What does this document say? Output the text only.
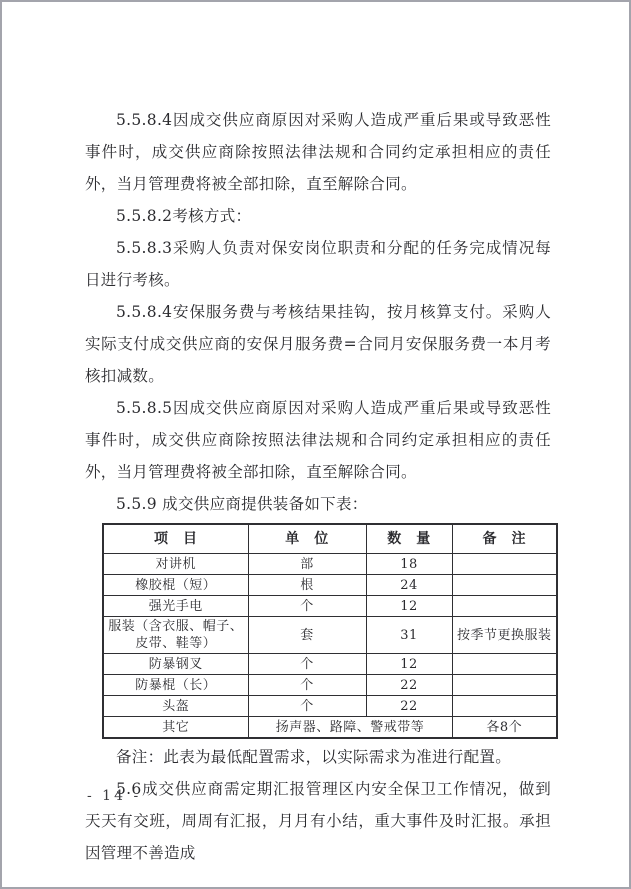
5.5.8.4因成交供应商原因对采购人造成严重后果或导致恶性事件时，成交供应商除按照法律法规和合同约定承担相应的责任外，当月管理费将被全部扣除，直至解除合同。

5.5.8.2考核方式：

5.5.8.3采购人负责对保安岗位职责和分配的任务完成情况每日进行考核。

5.5.8.4安保服务费与考核结果挂钩，按月核算支付。采购人实际支付成交供应商的安保月服务费=合同月安保服务费一本月考核扣减数。

5.5.8.5因成交供应商原因对采购人造成严重后果或导致恶性事件时，成交供应商除按照法律法规和合同约定承担相应的责任外，当月管理费将被全部扣除，直至解除合同。

5.5.9 成交供应商提供装备如下表：

项　目	单　位	数　量	备　注
对讲机	部	18	
橡胶棍（短）	根	24	
强光手电	个	12	
服装（含衣服、帽子、皮带、鞋等）	套	31	按季节更换服装
防暴钢叉	个	12	
防暴棍（长）	个	22	
头盔	个	22	
其它	扬声器、路障、警戒带等		各8个

备注：此表为最低配置需求，以实际需求为准进行配置。

5.6成交供应商需定期汇报管理区内安全保卫工作情况，做到天天有交班，周周有汇报，月月有小结，重大事件及时汇报。承担因管理不善造成

- 14 -
